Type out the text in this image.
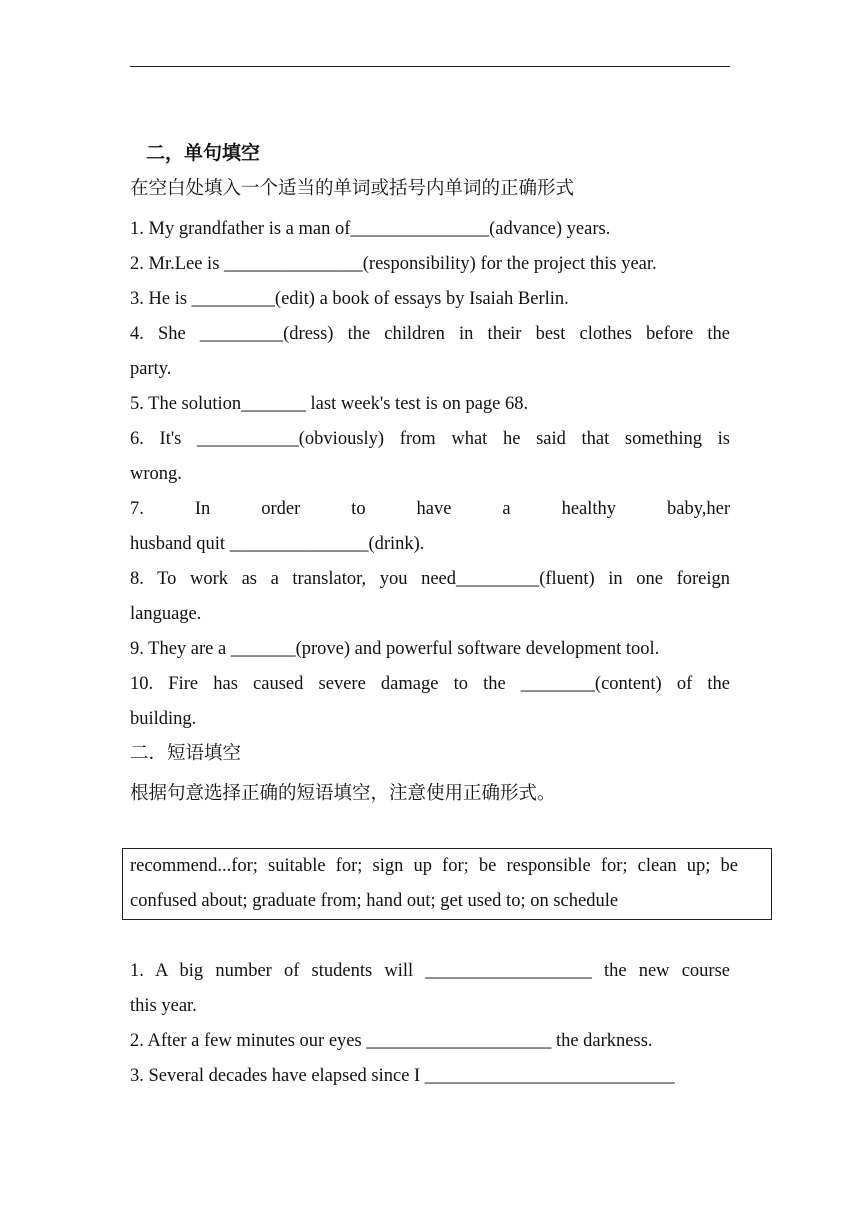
二，单句填空
在空白处填入一个适当的单词或括号内单词的正确形式
1. My grandfather is a man of_______________(advance) years.
2. Mr.Lee is _______________(responsibility) for the project this year.
3. He is _________(edit) a book of essays by Isaiah Berlin.
4. She _________(dress) the children in their best clothes before the
party.
5. The solution_______ last week's test is on page 68.
6. It's ___________(obviously) from what he said that something is
wrong.
7. In order to have a healthy baby,her
husband quit _______________(drink).
8. To work as a translator, you need_________(fluent) in one foreign
language.
9. They are a _______(prove) and powerful software development tool.
10. Fire has caused severe damage to the ________(content) of the
building.
二．短语填空
根据句意选择正确的短语填空，注意使用正确形式。
recommend...for; suitable for; sign up for; be responsible for; clean up; be
confused about; graduate from; hand out; get used to; on schedule
1. A big number of students will __________________ the new course
this year.
2. After a few minutes our eyes ____________________ the darkness.
3. Several decades have elapsed since I ___________________________
